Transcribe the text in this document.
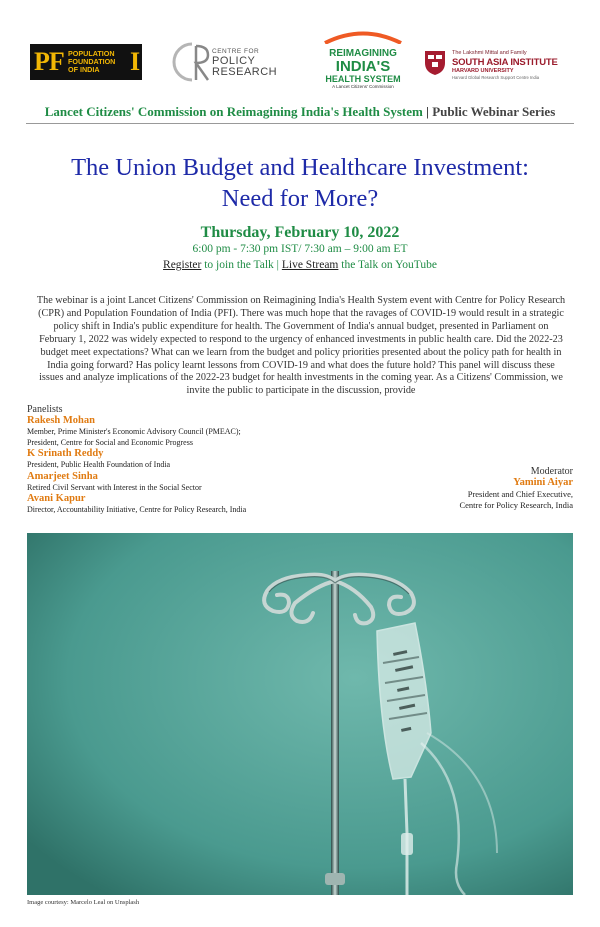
PF POPULATION
FOUNDATION
OF INDIA	I	CENTRE FOR
POLICY
RESEARCH
REIMAGINING
INDIA'S
HEALTH SYSTEM
A Lancet Citizens' Commission
The Lakshmi Mittal and Family
SOUTH ASIA INSTITUTE
HARVARD UNIVERSITY
Harvard Global Research Support Centre India
Lancet Citizens' Commission on Reimagining India's Health System | Public Webinar Series
The Union Budget and Healthcare Investment:
Need for More?
Thursday, February 10, 2022
6:00 pm - 7:30 pm IST/ 7:30 am – 9:00 am ET
Register to join the Talk | Live Stream the Talk on YouTube
The webinar is a joint Lancet Citizens' Commission on Reimagining India's Health System event with Centre for Policy Research (CPR) and Population Foundation of India (PFI). There was much hope that the ravages of COVID-19 would result in a strategic policy shift in India's public expenditure for health. The Government of India's annual budget, presented in Parliament on February 1, 2022 was widely expected to respond to the urgency of enhanced investments in public health care. Did the 2022-23 budget meet expectations? What can we learn from the budget and policy priorities presented about the policy path for health in India going forward? Has policy learnt lessons from COVID-19 and what does the future hold? This panel will discuss these issues and analyze implications of the 2022-23 budget for health investments in the coming year. As a Citizens' Commission, we invite the public to participate in the discussion, provide
Panelists
Rakesh Mohan
Member, Prime Minister's Economic Advisory Council (PMEAC);
President, Centre for Social and Economic Progress
K Srinath Reddy
President, Public Health Foundation of India
Amarjeet Sinha
Retired Civil Servant with Interest in the Social Sector
Avani Kapur
Director, Accountability Initiative, Centre for Policy Research, India
Moderator
Yamini Aiyar
President and Chief Executive,
Centre for Policy Research, India
Image courtesy: Marcelo Leal on Unsplash
